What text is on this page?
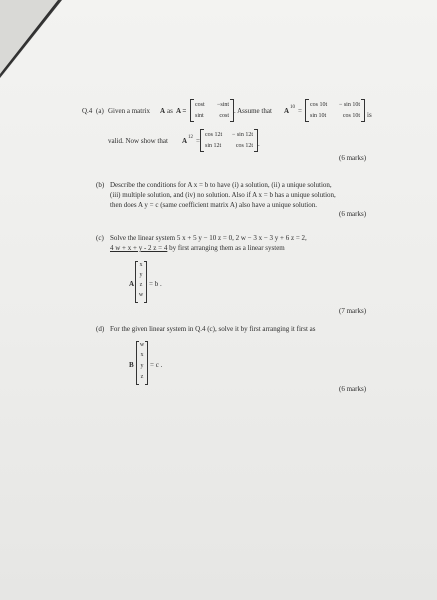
Q.4 (a) Given a matrix A as A =
cost −sint
sint	cost
. Assume that A 10 =
cos 10t − sin 10t
sin 10t	cos 10t is
valid. Now show that A 12 =
cos 12t − sin 12t
sin 12t cos 12t .
(6 marks)
(b) Describe the conditions for A x = b to have (i) a solution, (ii) a unique solution,
(iii) multiple solution, and (iv) no solution. Also if A x = b has a unique solution,
then does A y = c (same coefficient matrix A) also have a unique solution.
(6 marks)
(c) Solve the linear system 5 x + 5 y − 10 z = 0, 2 w − 3 x − 3 y + 6 z = 2,
4 w + x + y - 2 z = 4 by first arranging them as a linear system
A
x
y
z
w
= b .
(7 marks)
(d) For the given linear system in Q.4 (c), solve it by first arranging it first as
B
w
x
y
z
= c .
(6 marks)
